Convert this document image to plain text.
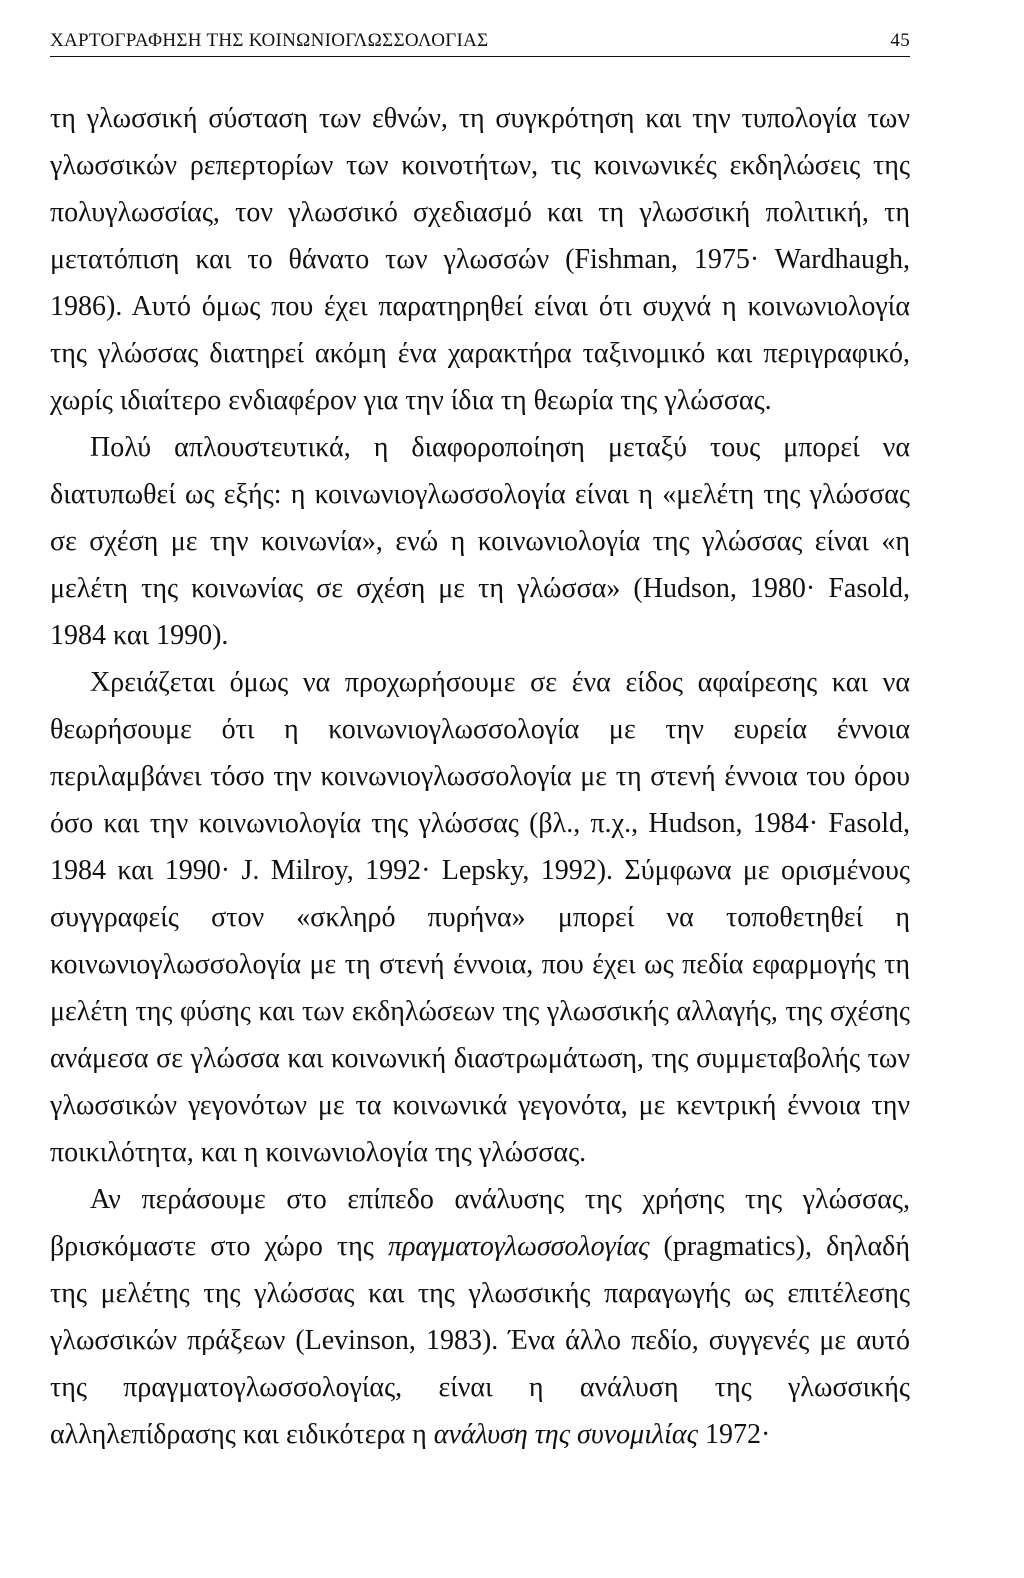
ΧΑΡΤΟΓΡΑΦΗΣΗ ΤΗΣ ΚΟΙΝΩΝΙΟΓΛΩΣΣΟΛΟΓΙΑΣ	45

τη γλωσσική σύσταση των εθνών, τη συγκρότηση και την τυπολογία των γλωσσικών ρεπερτορίων των κοινοτήτων, τις κοινωνικές εκδηλώσεις της πολυγλωσσίας, τον γλωσσικό σχεδιασμό και τη γλωσσική πολιτική, τη μετατόπιση και το θάνατο των γλωσσών (Fishman, 1975· Wardhaugh, 1986). Αυτό όμως που έχει παρατηρηθεί είναι ότι συχνά η κοινωνιολογία της γλώσσας διατηρεί ακόμη ένα χαρακτήρα ταξινομικό και περιγραφικό, χωρίς ιδιαίτερο ενδιαφέρον για την ίδια τη θεωρία της γλώσσας.

Πολύ απλουστευτικά, η διαφοροποίηση μεταξύ τους μπορεί να διατυπωθεί ως εξής: η κοινωνιογλωσσολογία είναι η «μελέτη της γλώσσας σε σχέση με την κοινωνία», ενώ η κοινωνιολογία της γλώσσας είναι «η μελέτη της κοινωνίας σε σχέση με τη γλώσσα» (Hudson, 1980· Fasold, 1984 και 1990).

Χρειάζεται όμως να προχωρήσουμε σε ένα είδος αφαίρεσης και να θεωρήσουμε ότι η κοινωνιογλωσσολογία με την ευρεία έννοια περιλαμβάνει τόσο την κοινωνιογλωσσολογία με τη στενή έννοια του όρου όσο και την κοινωνιολογία της γλώσσας (βλ., π.χ., Hudson, 1984· Fasold, 1984 και 1990· J. Milroy, 1992· Lepsky, 1992). Σύμφωνα με ορισμένους συγγραφείς στον «σκληρό πυρήνα» μπορεί να τοποθετηθεί η κοινωνιογλωσσολογία με τη στενή έννοια, που έχει ως πεδία εφαρμογής τη μελέτη της φύσης και των εκδηλώσεων της γλωσσικής αλλαγής, της σχέσης ανάμεσα σε γλώσσα και κοινωνική διαστρωμάτωση, της συμμεταβολής των γλωσσικών γεγονότων με τα κοινωνικά γεγονότα, με κεντρική έννοια την ποικιλότητα, και η κοινωνιολογία της γλώσσας.

Αν περάσουμε στο επίπεδο ανάλυσης της χρήσης της γλώσσας, βρισκόμαστε στο χώρο της πραγματογλωσσολογίας (pragmatics), δηλαδή της μελέτης της γλώσσας και της γλωσσικής παραγωγής ως επιτέλεσης γλωσσικών πράξεων (Levinson, 1983). Ένα άλλο πεδίο, συγγενές με αυτό της πραγματογλωσσολογίας, είναι η ανάλυση της γλωσσικής αλληλεπίδρασης και ειδικότερα η ανάλυση της συνομιλίας 1972·
